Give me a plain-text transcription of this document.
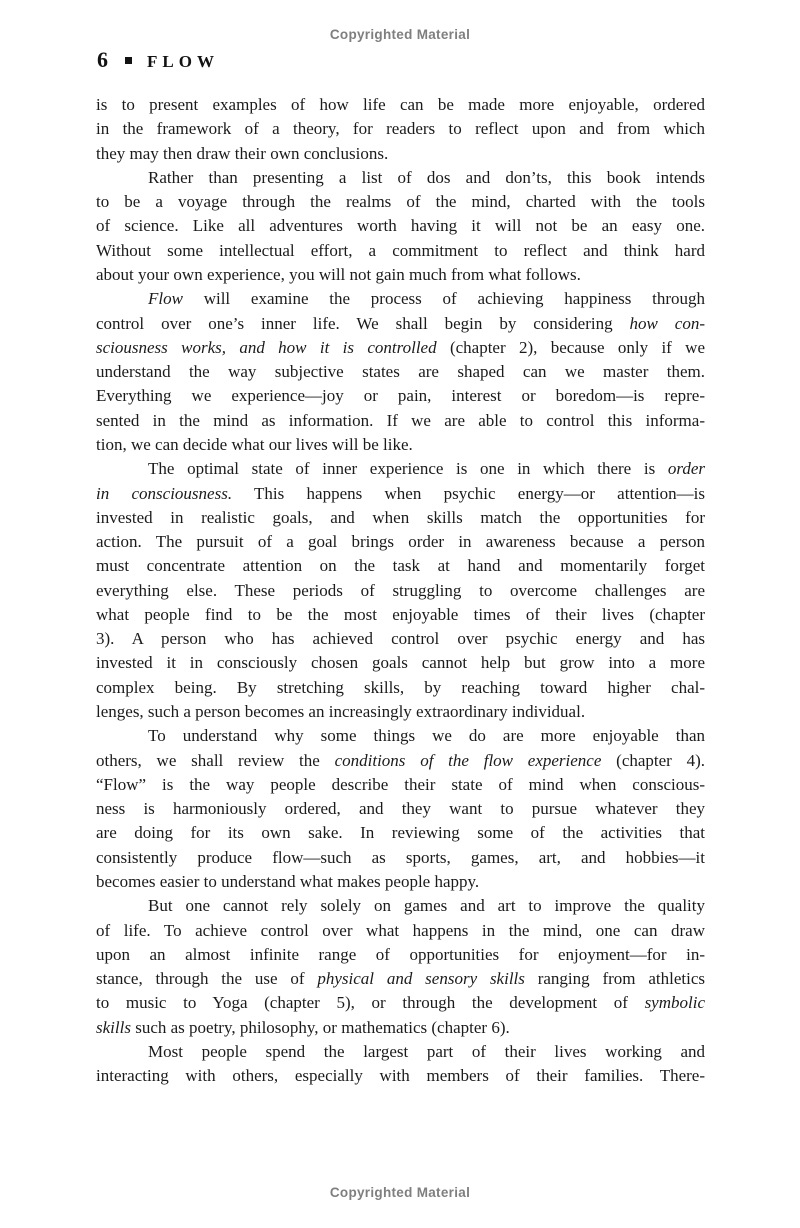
Copyrighted Material
6 FLOW

is to present examples of how life can be made more enjoyable, ordered
in the framework of a theory, for readers to reflect upon and from which
they may then draw their own conclusions.

Rather than presenting a list of dos and don’ts, this book intends
to be a voyage through the realms of the mind, charted with the tools
of science. Like all adventures worth having it will not be an easy one.
Without some intellectual effort, a commitment to reflect and think hard
about your own experience, you will not gain much from what follows.

Flow will examine the process of achieving happiness through
control over one’s inner life. We shall begin by considering how con-
sciousness works, and how it is controlled (chapter 2), because only if we
understand the way subjective states are shaped can we master them.
Everything we experience—joy or pain, interest or boredom—is repre-
sented in the mind as information. If we are able to control this informa-
tion, we can decide what our lives will be like.

The optimal state of inner experience is one in which there is order
in consciousness. This happens when psychic energy—or attention—is
invested in realistic goals, and when skills match the opportunities for
action. The pursuit of a goal brings order in awareness because a person
must concentrate attention on the task at hand and momentarily forget
everything else. These periods of struggling to overcome challenges are
what people find to be the most enjoyable times of their lives (chapter
3). A person who has achieved control over psychic energy and has
invested it in consciously chosen goals cannot help but grow into a more
complex being. By stretching skills, by reaching toward higher chal-
lenges, such a person becomes an increasingly extraordinary individual.

To understand why some things we do are more enjoyable than
others, we shall review the conditions of the flow experience (chapter 4).
“Flow” is the way people describe their state of mind when conscious-
ness is harmoniously ordered, and they want to pursue whatever they
are doing for its own sake. In reviewing some of the activities that
consistently produce flow—such as sports, games, art, and hobbies—it
becomes easier to understand what makes people happy.

But one cannot rely solely on games and art to improve the quality
of life. To achieve control over what happens in the mind, one can draw
upon an almost infinite range of opportunities for enjoyment—for in-
stance, through the use of physical and sensory skills ranging from athletics
to music to Yoga (chapter 5), or through the development of symbolic
skills such as poetry, philosophy, or mathematics (chapter 6).

Most people spend the largest part of their lives working and
interacting with others, especially with members of their families. There-

Copyrighted Material
